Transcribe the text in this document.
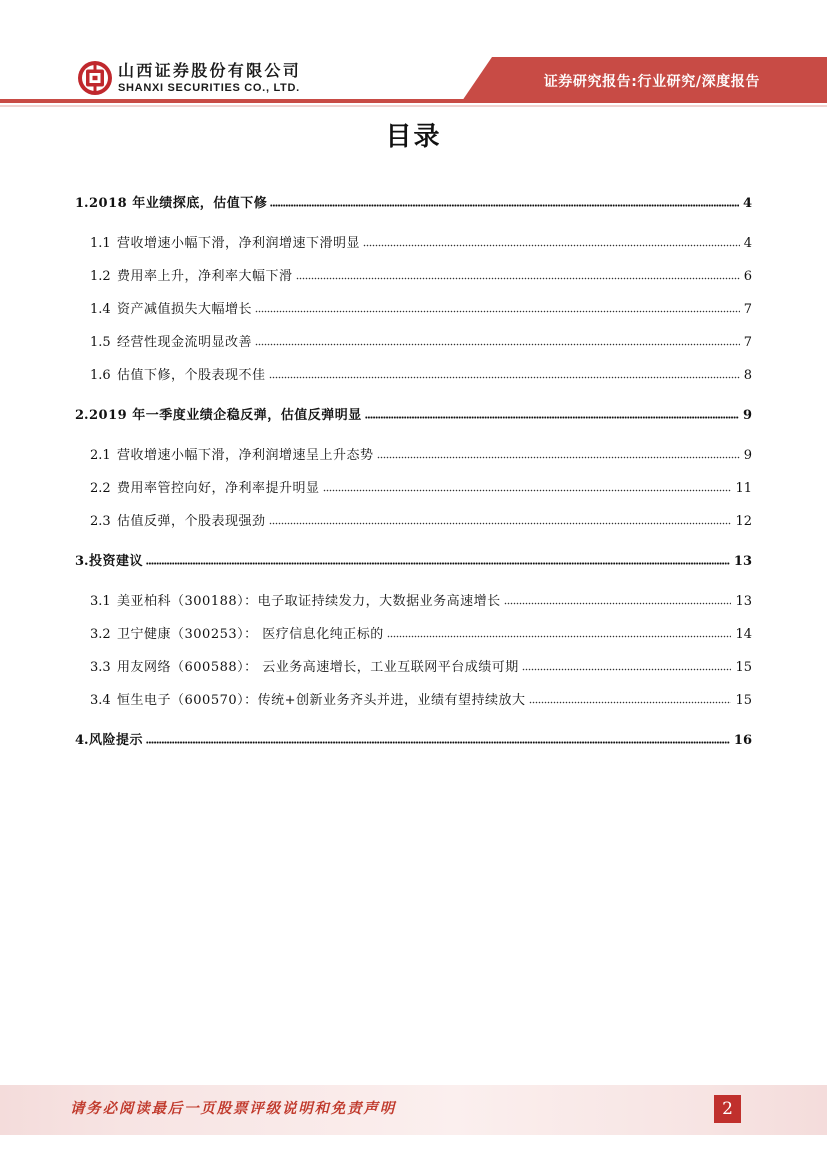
山西证券股份有限公司
SHANXI SECURITIES CO., LTD.	证券研究报告:行业研究/深度报告
目录
1. 2018 年业绩探底，估值下修	4
1.1 营收增速小幅下滑，净利润增速下滑明显	4
1.2 费用率上升，净利率大幅下滑	6
1.4 资产减值损失大幅增长	7
1.5 经营性现金流明显改善	7
1.6 估值下修，个股表现不佳	8
2. 2019 年一季度业绩企稳反弹，估值反弹明显	9
2.1 营收增速小幅下滑，净利润增速呈上升态势	9
2.2 费用率管控向好，净利率提升明显	11
2.3 估值反弹，个股表现强劲	12
3. 投资建议	13
3.1 美亚柏科（300188）：电子取证持续发力，大数据业务高速增长	13
3.2 卫宁健康（300253）： 医疗信息化纯正标的	14
3.3 用友网络（600588）： 云业务高速增长，工业互联网平台成绩可期	15
3.4 恒生电子（600570）：传统+创新业务齐头并进，业绩有望持续放大	15
4. 风险提示	16
请务必阅读最后一页股票评级说明和免责声明	2
